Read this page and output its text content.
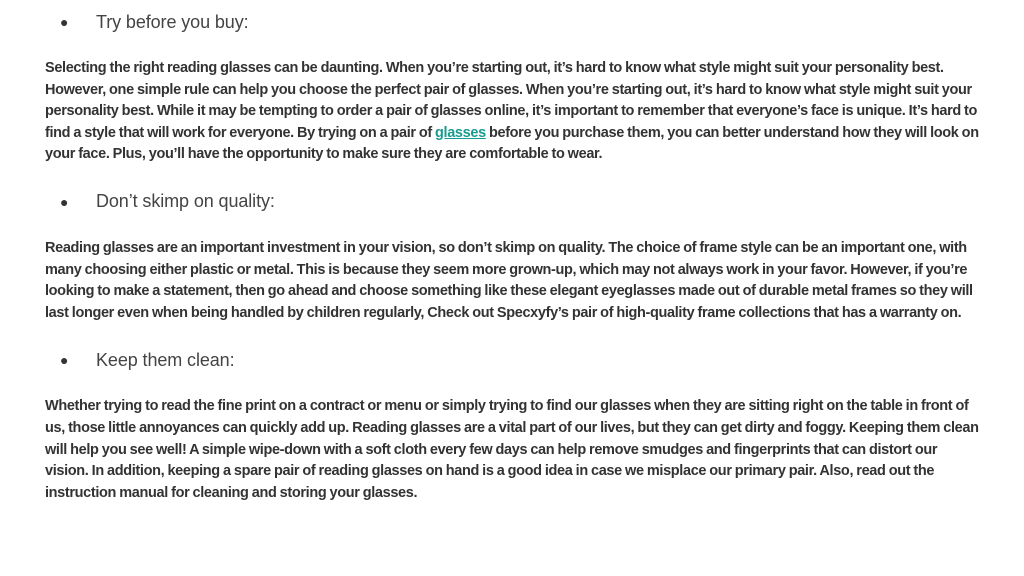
●	Try before you buy:

Selecting the right reading glasses can be daunting. When you’re starting out, it’s hard to know what style might suit your personality best. However, one simple rule can help you choose the perfect pair of glasses. When you’re starting out, it’s hard to know what style might suit your personality best. While it may be tempting to order a pair of glasses online, it’s important to remember that everyone’s face is unique. It’s hard to find a style that will work for everyone. By trying on a pair of glasses before you purchase them, you can better understand how they will look on your face. Plus, you’ll have the opportunity to make sure they are comfortable to wear.

●	Don’t skimp on quality:

Reading glasses are an important investment in your vision, so don’t skimp on quality. The choice of frame style can be an important one, with many choosing either plastic or metal. This is because they seem more grown-up, which may not always work in your favor. However, if you’re looking to make a statement, then go ahead and choose something like these elegant eyeglasses made out of durable metal frames so they will last longer even when being handled by children regularly, Check out Specxyfy’s pair of high-quality frame collections that has a warranty on.

●	Keep them clean:

Whether trying to read the fine print on a contract or menu or simply trying to find our glasses when they are sitting right on the table in front of us, those little annoyances can quickly add up. Reading glasses are a vital part of our lives, but they can get dirty and foggy. Keeping them clean will help you see well! A simple wipe-down with a soft cloth every few days can help remove smudges and fingerprints that can distort our vision. In addition, keeping a spare pair of reading glasses on hand is a good idea in case we misplace our primary pair. Also, read out the instruction manual for cleaning and storing your glasses.
